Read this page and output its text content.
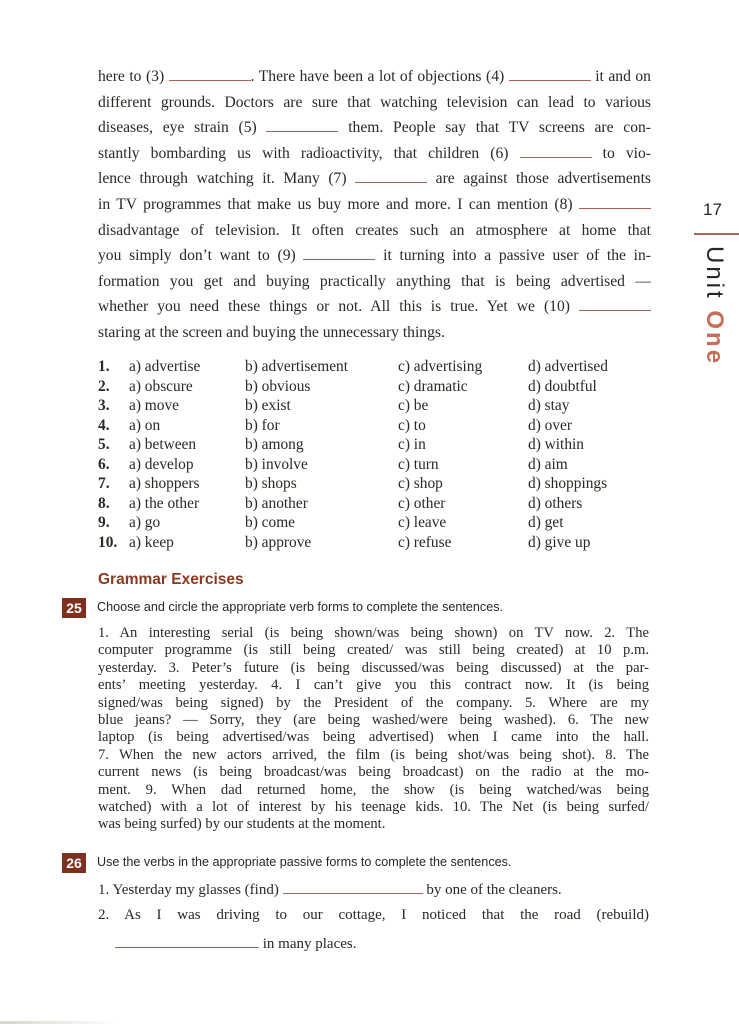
here to (3)	. There have been a lot of objections (4)	it and on
different grounds. Doctors are sure that watching television can lead to various
diseases, eye strain (5)	them. People say that TV screens are con-
stantly bombarding us with radioactivity, that children (6)	to vio-
lence through watching it. Many (7)	are against those advertisements
in TV programmes that make us buy more and more. I can mention (8)
disadvantage of television. It often creates such an atmosphere at home that
you simply don’t want to (9)	it turning into a passive user of the in-
formation you get and buying practically anything that is being advertised —
whether you need these things or not. All this is true. Yet we (10)
staring at the screen and buying the unnecessary things.
17
Unit One
1. a) advertise	b) advertisement	c) advertising	d) advertised
2. a) obscure	b) obvious	c) dramatic	d) doubtful
3. a) move	b) exist	c) be	d) stay
4. a) on	b) for	c) to	d) over
5. a) between	b) among	c) in	d) within
6. a) develop	b) involve	c) turn	d) aim
7. a) shoppers	b) shops	c) shop	d) shoppings
8. a) the other	b) another	c) other	d) others
9. a) go	b) come	c) leave	d) get
10. a) keep	b) approve	c) refuse	d) give up
Grammar Exercises
25	Choose and circle the appropriate verb forms to complete the sentences.
1. An interesting serial (is being shown/was being shown) on TV now. 2. The
computer programme (is still being created/ was still being created) at 10 p.m.
yesterday. 3. Peter’s future (is being discussed/was being discussed) at the par-
ents’ meeting yesterday. 4. I can’t give you this contract now. It (is being
signed/was being signed) by the President of the company. 5. Where are my
blue jeans? — Sorry, they (are being washed/were being washed). 6. The new
laptop (is being advertised/was being advertised) when I came into the hall.
7. When the new actors arrived, the film (is being shot/was being shot). 8. The
current news (is being broadcast/was being broadcast) on the radio at the mo-
ment. 9. When dad returned home, the show (is being watched/was being
watched) with a lot of interest by his teenage kids. 10. The Net (is being surfed/
was being surfed) by our students at the moment.
26	Use the verbs in the appropriate passive forms to complete the sentences.
1. Yesterday my glasses (find)	by one of the cleaners.
2. As I was driving to our cottage, I noticed that the road (rebuild)
in many places.
